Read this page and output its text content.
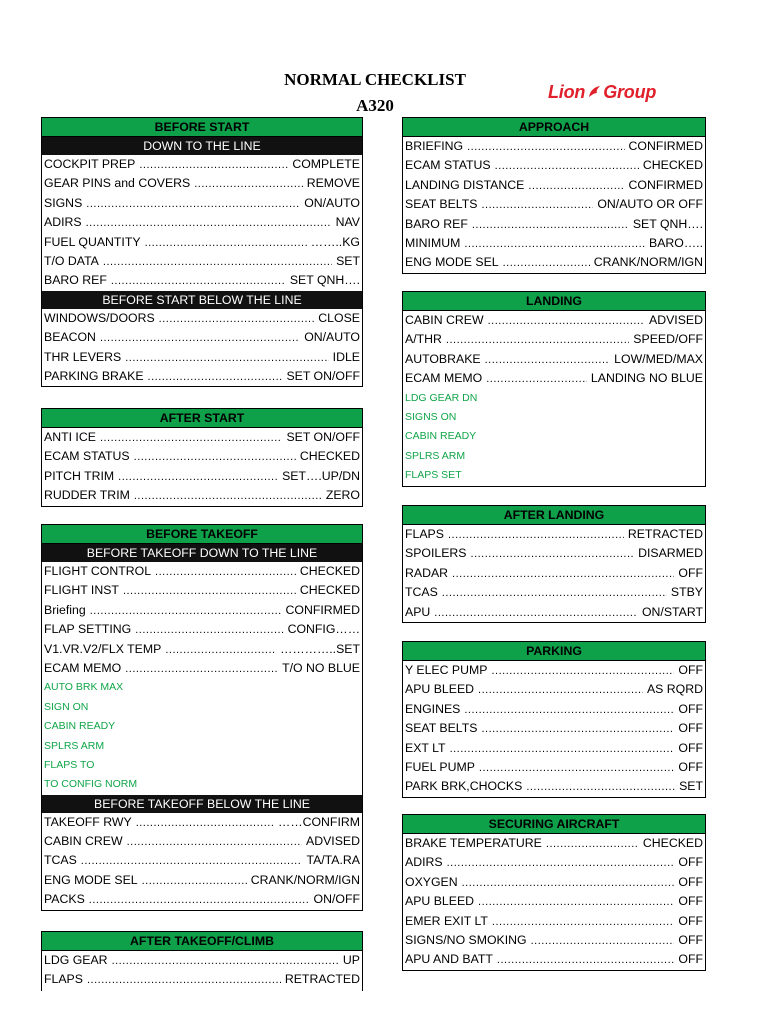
NORMAL CHECKLIST
A320
Lion Group
BEFORE START
DOWN TO THE LINE
COCKPIT PREP .....	COMPLETE
GEAR PINS and COVERS .....	REMOVE
SIGNS .....	ON/AUTO
ADIRS .....	NAV
FUEL QUANTITY .....	……..KG
T/O DATA .....	SET
BARO REF .....	SET QNH….
BEFORE START BELOW THE LINE
WINDOWS/DOORS .....	CLOSE
BEACON .....	ON/AUTO
THR LEVERS .....	IDLE
PARKING BRAKE .....	SET ON/OFF
AFTER START
ANTI ICE .....	SET ON/OFF
ECAM STATUS .....	CHECKED
PITCH TRIM .....	SET….UP/DN
RUDDER TRIM .....	ZERO
BEFORE TAKEOFF
BEFORE TAKEOFF DOWN TO THE LINE
FLIGHT CONTROL .....	CHECKED
FLIGHT INST .....	CHECKED
Briefing .....	CONFIRMED
FLAP SETTING .....	CONFIG……
V1.VR.V2/FLX TEMP .....	…………..SET
ECAM MEMO .....	T/O NO BLUE
AUTO BRK MAX
SIGN ON
CABIN READY
SPLRS ARM
FLAPS TO
TO CONFIG NORM
BEFORE TAKEOFF BELOW THE LINE
TAKEOFF RWY .....	……CONFIRM
CABIN CREW .....	ADVISED
TCAS .....	TA/TA.RA
ENG MODE SEL .....	CRANK/NORM/IGN
PACKS .....	ON/OFF
AFTER TAKEOFF/CLIMB
LDG GEAR .....	UP
FLAPS .....	RETRACTED
APPROACH
BRIEFING .....	CONFIRMED
ECAM STATUS .....	CHECKED
LANDING DISTANCE .....	CONFIRMED
SEAT BELTS .....	ON/AUTO OR OFF
BARO REF .....	SET QNH….
MINIMUM .....	BARO…..
ENG MODE SEL .....	CRANK/NORM/IGN
LANDING
CABIN CREW .....	ADVISED
A/THR .....	SPEED/OFF
AUTOBRAKE .....	LOW/MED/MAX
ECAM MEMO .....	LANDING NO BLUE
LDG GEAR DN
SIGNS ON
CABIN READY
SPLRS ARM
FLAPS SET
AFTER LANDING
FLAPS .....	RETRACTED
SPOILERS .....	DISARMED
RADAR .....	OFF
TCAS .....	STBY
APU .....	ON/START
PARKING
Y ELEC PUMP .....	OFF
APU BLEED .....	AS RQRD
ENGINES .....	OFF
SEAT BELTS .....	OFF
EXT LT .....	OFF
FUEL PUMP .....	OFF
PARK BRK,CHOCKS .....	SET
SECURING AIRCRAFT
BRAKE TEMPERATURE .....	CHECKED
ADIRS .....	OFF
OXYGEN .....	OFF
APU BLEED .....	OFF
EMER EXIT LT .....	OFF
SIGNS/NO SMOKING .....	OFF
APU AND BATT .....	OFF
